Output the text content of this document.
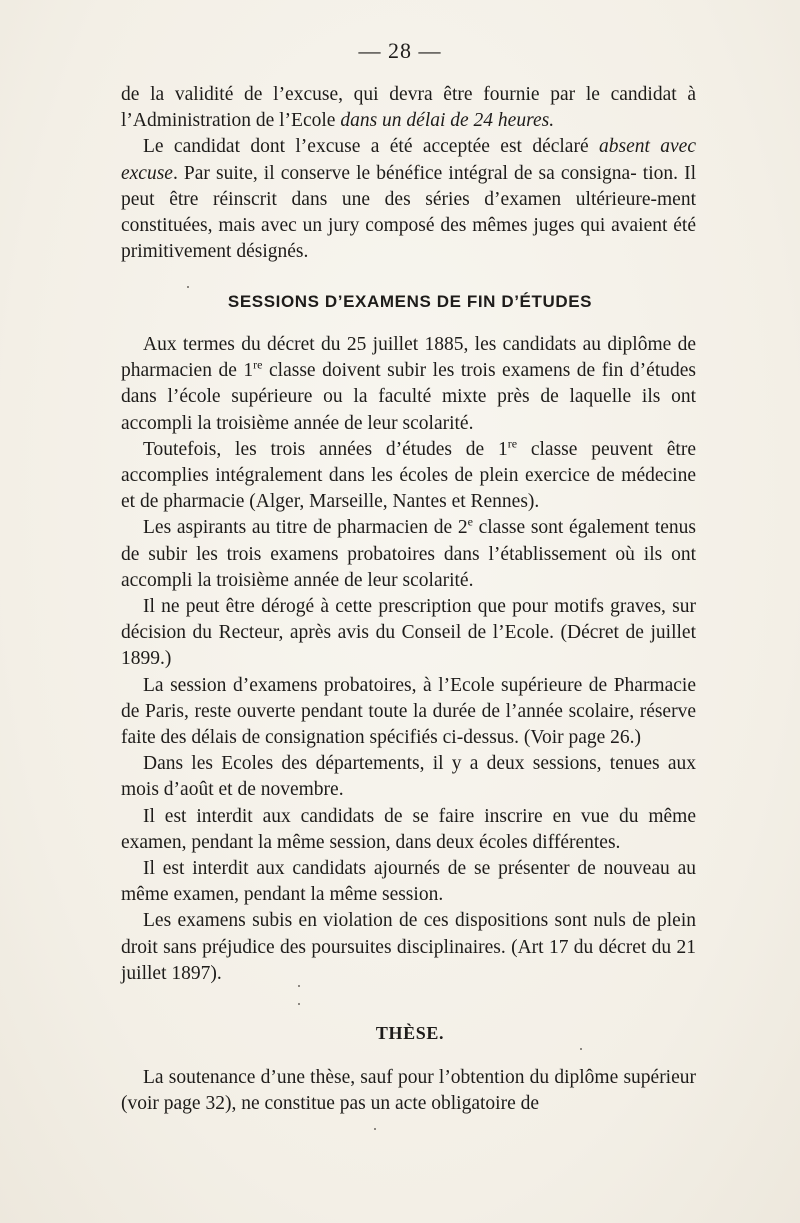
— 28 —

de la validité de l’excuse, qui devra être fournie par le candidat à l’Administration de l’Ecole dans un délai de 24 heures.

Le candidat dont l’excuse a été acceptée est déclaré absent avec excuse. Par suite, il conserve le bénéfice intégral de sa consigna- tion. Il peut être réinscrit dans une des séries d’examen ultérieure-ment constituées, mais avec un jury composé des mêmes juges qui avaient été primitivement désignés.

SESSIONS D’EXAMENS DE FIN D’ÉTUDES

Aux termes du décret du 25 juillet 1885, les candidats au diplôme de pharmacien de 1re classe doivent subir les trois examens de fin d’études dans l’école supérieure ou la faculté mixte près de laquelle ils ont accompli la troisième année de leur scolarité.

Toutefois, les trois années d’études de 1re classe peuvent être accomplies intégralement dans les écoles de plein exercice de médecine et de pharmacie (Alger, Marseille, Nantes et Rennes).

Les aspirants au titre de pharmacien de 2e classe sont également tenus de subir les trois examens probatoires dans l’établissement où ils ont accompli la troisième année de leur scolarité.

Il ne peut être dérogé à cette prescription que pour motifs graves, sur décision du Recteur, après avis du Conseil de l’Ecole. (Décret de juillet 1899.)

La session d’examens probatoires, à l’Ecole supérieure de Pharmacie de Paris, reste ouverte pendant toute la durée de l’année scolaire, réserve faite des délais de consignation spécifiés ci-dessus. (Voir page 26.)

Dans les Ecoles des départements, il y a deux sessions, tenues aux mois d’août et de novembre.

Il est interdit aux candidats de se faire inscrire en vue du même examen, pendant la même session, dans deux écoles différentes.

Il est interdit aux candidats ajournés de se présenter de nouveau au même examen, pendant la même session.

Les examens subis en violation de ces dispositions sont nuls de plein droit sans préjudice des poursuites disciplinaires. (Art 17 du décret du 21 juillet 1897).

THÈSE.

La soutenance d’une thèse, sauf pour l’obtention du diplôme supérieur (voir page 32), ne constitue pas un acte obligatoire de
